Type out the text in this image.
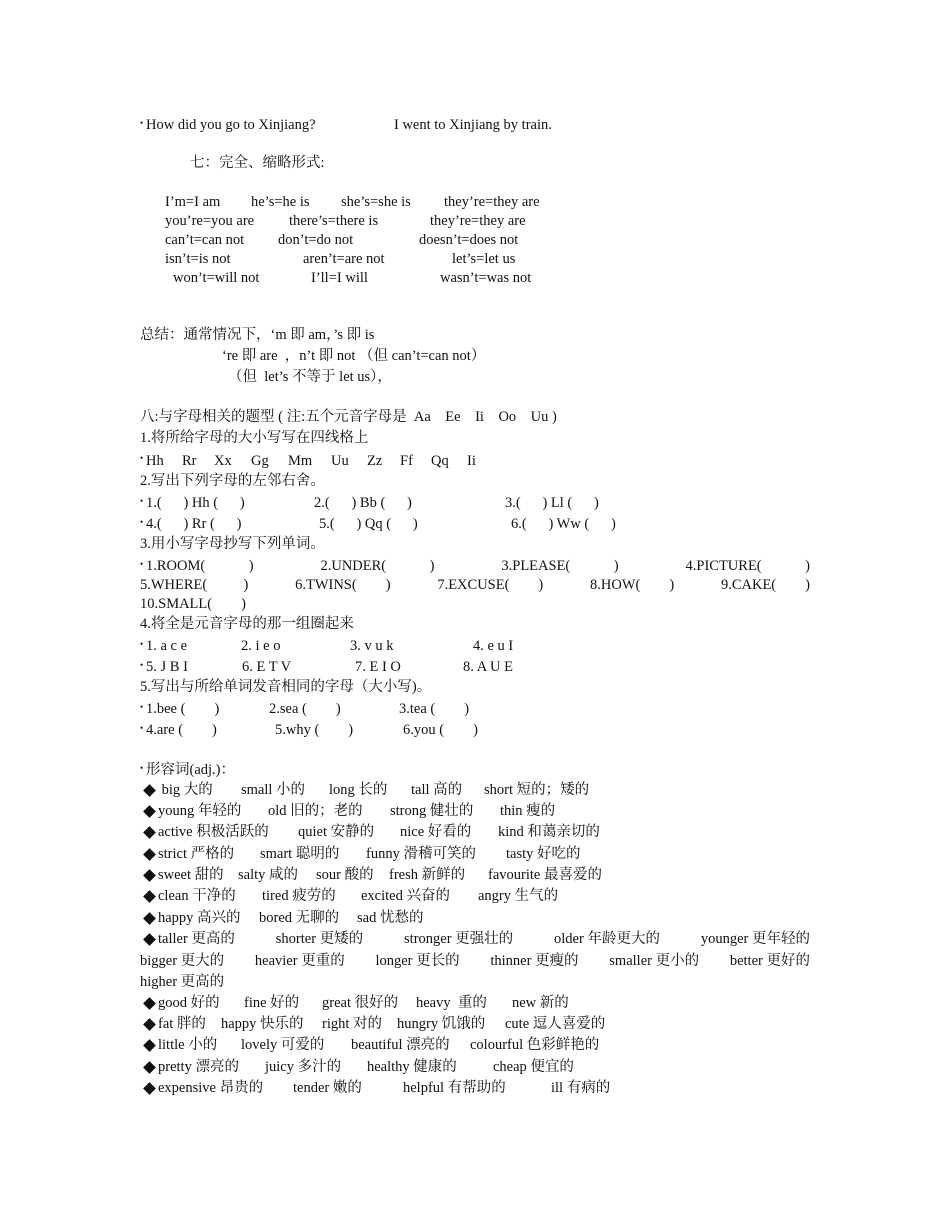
• How did you go to Xinjiang?	I went to Xinjiang by train.
七：完全、缩略形式:
I’m=I am he’s=he is she’s=she is they’re=they are
you’re=you are there’s=there is	they’re=they are
can’t=can not don’t=do not	doesn’t=does not
isn’t=is not	aren’t=are not	let’s=let us
won’t=will not	I’ll=I will	wasn’t=was not
总结：通常情况下，‘m 即 am，’s 即 is
‘re 即 are  ，n’t 即 not （但 can’t=can not）
（但  let’s 不等于 let us），
八:与字母相关的题型 ( 注:五个元音字母是  Aa    Ee    Ii    Oo    Uu )
1.将所给字母的大小写写在四线格上
• Hh Rr Xx Gg Mm Uu Zz Ff Qq Ii
2.写出下列字母的左邻右舍。
• 1.(      ) Hh (      )	2.(      ) Bb (      )	3.(      ) Ll (      )
• 4.(      ) Rr (      )	5.(      ) Qq (      )	6.(      ) Ww (      )
3.用小写字母抄写下列单词。
• 1.ROOM(            )	2.UNDER(            )	3.PLEASE(            )	4.PICTURE(            )
5.WHERE(          )	6.TWINS(        )	7.EXCUSE(        )	8.HOW(        )	9.CAKE(        )
10.SMALL(        )
4.将全是元音字母的那一组圈起来
• 1. a c e	2. i e o	3. v u k	4. e u I
• 5. J B I	6. E T V	7. E I O	8. A U E
5.写出与所给单词发音相同的字母（大小写)。
• 1.bee (        )	2.sea (        )	3.tea (        )
• 4.are (        )	5.why (        )	6.you (        )
• 形容词(adj.)：
big 大的 small 小的 long 长的 tall 高的 short 短的；矮的
young 年轻的 old 旧的；老的 strong 健壮的 thin 瘦的
active 积极活跃的 quiet 安静的 nice 好看的 kind 和蔼亲切的
strict 严格的 smart 聪明的 funny 滑稽可笑的 tasty 好吃的
sweet 甜的 salty 咸的 sour 酸的 fresh 新鲜的 favourite 最喜爱的
clean 干净的 tired 疲劳的 excited 兴奋的 angry 生气的
happy 高兴的 bored 无聊的 sad 忧愁的
taller 更高的	shorter 更矮的	stronger 更强壮的	older 年龄更大的	younger 更年轻的
bigger 更大的 heavier 更重的 longer 更长的 thinner 更瘦的 smaller 更小的 better 更好的
higher 更高的
good 好的 fine 好的 great 很好的 heavy  重的 new 新的
fat 胖的 happy 快乐的 right 对的 hungry 饥饿的 cute 逗人喜爱的
little 小的 lovely 可爱的 beautiful 漂亮的 colourful 色彩鲜艳的
pretty 漂亮的 juicy 多汁的 healthy 健康的 cheap 便宜的
expensive 昂贵的 tender 嫩的	helpful 有帮助的	ill 有病的
